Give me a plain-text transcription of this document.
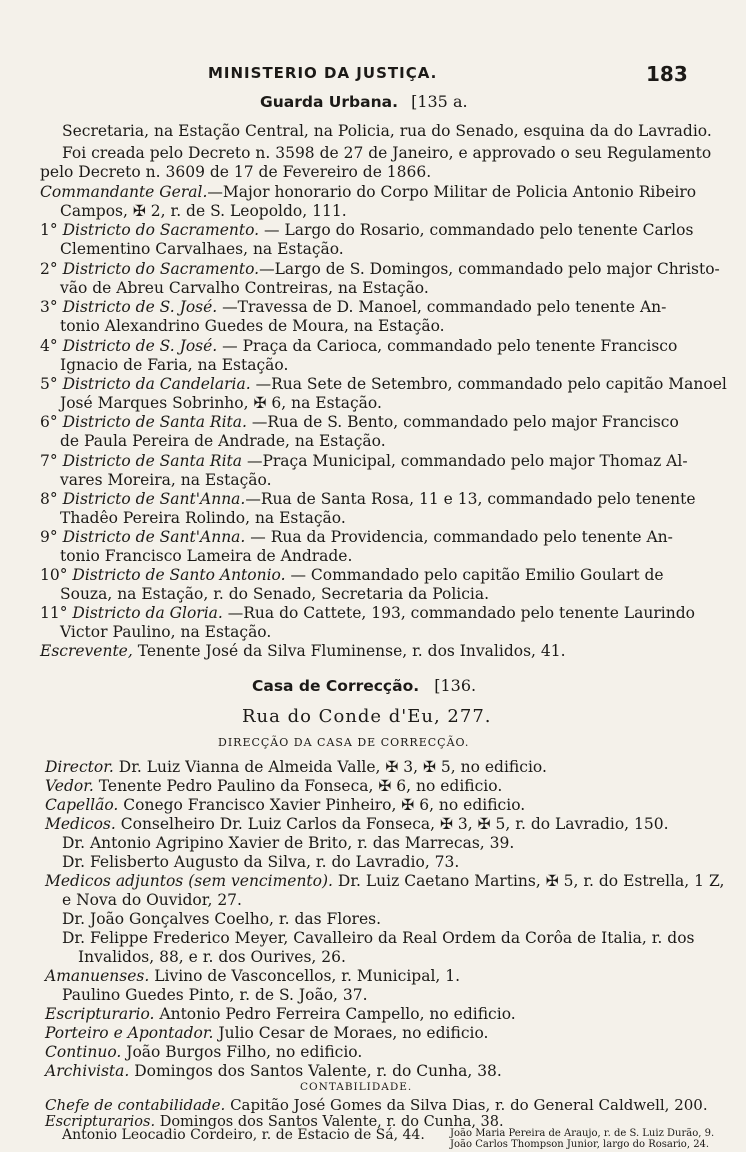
MINISTERIO DA JUSTIÇA.	183
Guarda Urbana. [135 a.
Secretaria, na Estação Central, na Policia, rua do Senado, esquina da do Lavradio.
Foi creada pelo Decreto n. 3598 de 27 de Janeiro, e approvado o seu Regulamento
pelo Decreto n. 3609 de 17 de Fevereiro de 1866.
Commandante Geral.—Major honorario do Corpo Militar de Policia Antonio Ribeiro
Campos, ✠ 2, r. de S. Leopoldo, 111.
1° Districto do Sacramento. — Largo do Rosario, commandado pelo tenente Carlos
Clementino Carvalhaes, na Estação.
2° Districto do Sacramento.—Largo de S. Domingos, commandado pelo major Christo-
vão de Abreu Carvalho Contreiras, na Estação.
3° Districto de S. José. —Travessa de D. Manoel, commandado pelo tenente An-
tonio Alexandrino Guedes de Moura, na Estação.
4° Districto de S. José. — Praça da Carioca, commandado pelo tenente Francisco
Ignacio de Faria, na Estação.
5° Districto da Candelaria. —Rua Sete de Setembro, commandado pelo capitão Manoel
José Marques Sobrinho, ✠ 6, na Estação.
6° Districto de Santa Rita. —Rua de S. Bento, commandado pelo major Francisco
de Paula Pereira de Andrade, na Estação.
7° Districto de Santa Rita —Praça Municipal, commandado pelo major Thomaz Al-
vares Moreira, na Estação.
8° Districto de Sant'Anna.—Rua de Santa Rosa, 11 e 13, commandado pelo tenente
Thadêo Pereira Rolindo, na Estação.
9° Districto de Sant'Anna. — Rua da Providencia, commandado pelo tenente An-
tonio Francisco Lameira de Andrade.
10° Districto de Santo Antonio. — Commandado pelo capitão Emilio Goulart de
Souza, na Estação, r. do Senado, Secretaria da Policia.
11° Districto da Gloria. —Rua do Cattete, 193, commandado pelo tenente Laurindo
Victor Paulino, na Estação.
Escrevente, Tenente José da Silva Fluminense, r. dos Invalidos, 41.
Casa de Correcção. [136.
Rua do Conde d'Eu, 277.
DIRECÇÃO DA CASA DE CORRECÇÃO.
Director. Dr. Luiz Vianna de Almeida Valle, ✠ 3, ✠ 5, no edificio.
Vedor. Tenente Pedro Paulino da Fonseca, ✠ 6, no edificio.
Capellão. Conego Francisco Xavier Pinheiro, ✠ 6, no edificio.
Medicos. Conselheiro Dr. Luiz Carlos da Fonseca, ✠ 3, ✠ 5, r. do Lavradio, 150.
Dr. Antonio Agripino Xavier de Brito, r. das Marrecas, 39.
Dr. Felisberto Augusto da Silva, r. do Lavradio, 73.
Medicos adjuntos (sem vencimento). Dr. Luiz Caetano Martins, ✠ 5, r. do Estrella, 1 Z,
e Nova do Ouvidor, 27.
Dr. João Gonçalves Coelho, r. das Flores.
Dr. Felippe Frederico Meyer, Cavalleiro da Real Ordem da Corôa de Italia, r. dos
Invalidos, 88, e r. dos Ourives, 26.
Amanuenses. Livino de Vasconcellos, r. Municipal, 1.
Paulino Guedes Pinto, r. de S. João, 37.
Escripturario. Antonio Pedro Ferreira Campello, no edificio.
Porteiro e Apontador. Julio Cesar de Moraes, no edificio.
Continuo. João Burgos Filho, no edificio.
Archivista. Domingos dos Santos Valente, r. do Cunha, 38.
CONTABILIDADE.
Chefe de contabilidade. Capitão José Gomes da Silva Dias, r. do General Caldwell, 200.
Escripturarios. Domingos dos Santos Valente, r. do Cunha, 38.
Antonio Leocadio Cordeiro, r. de Estacio de Sá, 44.	João Maria Pereira de Araujo, r. de S. Luiz Durão, 9.
João Carlos Thompson Junior, largo do Rosario, 24.
